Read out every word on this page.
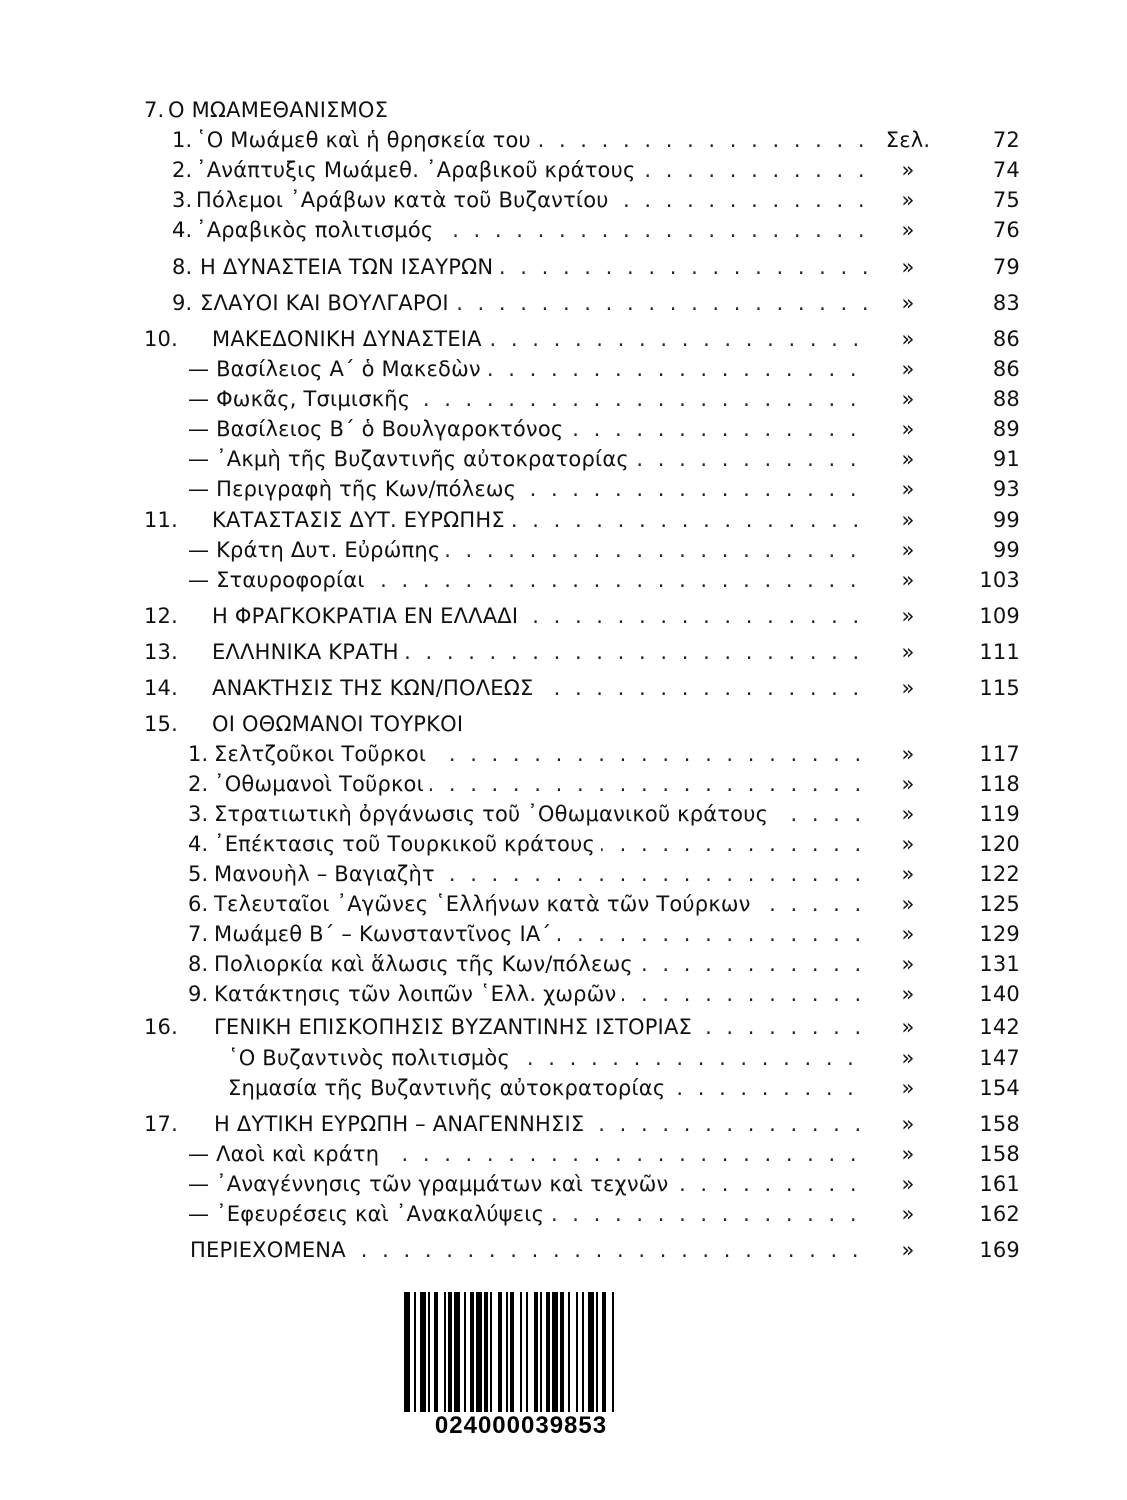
7. Ο ΜΩΑΜΕΘΑΝΙΣΜΟΣ
1. ῾Ο Μωάμεθ καὶ ἡ θρησκεία του . . .	Σελ.	72
2. ᾿Ανάπτυξις Μωάμεθ. ᾿Αραβικοῦ κράτους . . .	»	74
3. Πόλεμοι ᾿Αράβων κατὰ τοῦ Βυζαντίου . . .	»	75
4. ᾿Αραβικὸς πολιτισμός . . .	»	76
8. Η ΔΥΝΑΣΤΕΙΑ ΤΩΝ ΙΣΑΥΡΩΝ . . .	»	79
9. ΣΛΑΥΟΙ ΚΑΙ ΒΟΥΛΓΑΡΟΙ . . .	»	83
10. ΜΑΚΕΔΟΝΙΚΗ ΔΥΝΑΣΤΕΙΑ . . .	»	86
— Βασίλειος Α΄ ὁ Μακεδὼν . . .	»	86
— Φωκᾶς, Τσιμισκῆς . . .	»	88
— Βασίλειος Β΄ ὁ Βουλγαροκτόνος . . .	»	89
— ᾿Ακμὴ τῆς Βυζαντινῆς αὐτοκρατορίας . . .	»	91
— Περιγραφὴ τῆς Κων/πόλεως . . .	»	93
11. ΚΑΤΑΣΤΑΣΙΣ ΔΥΤ. ΕΥΡΩΠΗΣ . . .	»	99
— Κράτη Δυτ. Εὐρώπης . . .	»	99
— Σταυροφορίαι . . .	»	103
12. Η ΦΡΑΓΚΟΚΡΑΤΙΑ ΕΝ ΕΛΛΑΔΙ . . .	»	109
13. ΕΛΛΗΝΙΚΑ ΚΡΑΤΗ . . .	»	111
14. ΑΝΑΚΤΗΣΙΣ ΤΗΣ ΚΩΝ/ΠΟΛΕΩΣ . . .	»	115
15. ΟΙ ΟΘΩΜΑΝΟΙ ΤΟΥΡΚΟΙ
1. Σελτζοῦκοι Τοῦρκοι . . .	»	117
2. ᾿Οθωμανοὶ Τοῦρκοι . . .	»	118
3. Στρατιωτικὴ ὀργάνωσις τοῦ ᾿Οθωμανικοῦ κράτους . . .	»	119
4. ᾿Επέκτασις τοῦ Τουρκικοῦ κράτους . . .	»	120
5. Μανουὴλ – Βαγιαζὴτ . . .	»	122
6. Τελευταῖοι ᾿Αγῶνες ῾Ελλήνων κατὰ τῶν Τούρκων . . .	»	125
7. Μωάμεθ Β΄ – Κωνσταντῖνος ΙΑ΄ . . .	»	129
8. Πολιορκία καὶ ἅλωσις τῆς Κων/πόλεως . . .	»	131
9. Κατάκτησις τῶν λοιπῶν ῾Ελλ. χωρῶν . . .	»	140
16. ΓΕΝΙΚΗ ΕΠΙΣΚΟΠΗΣΙΣ ΒΥΖΑΝΤΙΝΗΣ ΙΣΤΟΡΙΑΣ . . .	»	142
῾Ο Βυζαντινὸς πολιτισμὸς . . .	»	147
Σημασία τῆς Βυζαντινῆς αὐτοκρατορίας . . .	»	154
17. Η ΔΥΤΙΚΗ ΕΥΡΩΠΗ – ΑΝΑΓΕΝΝΗΣΙΣ . . .	»	158
— Λαοὶ καὶ κράτη . . .	»	158
— ᾿Αναγέννησις τῶν γραμμάτων καὶ τεχνῶν . . .	»	161
— ᾿Εφευρέσεις καὶ ᾿Ανακαλύψεις . . .	»	162
ΠΕΡΙΕΧΟΜΕΝΑ . . .	»	169
024000039853
